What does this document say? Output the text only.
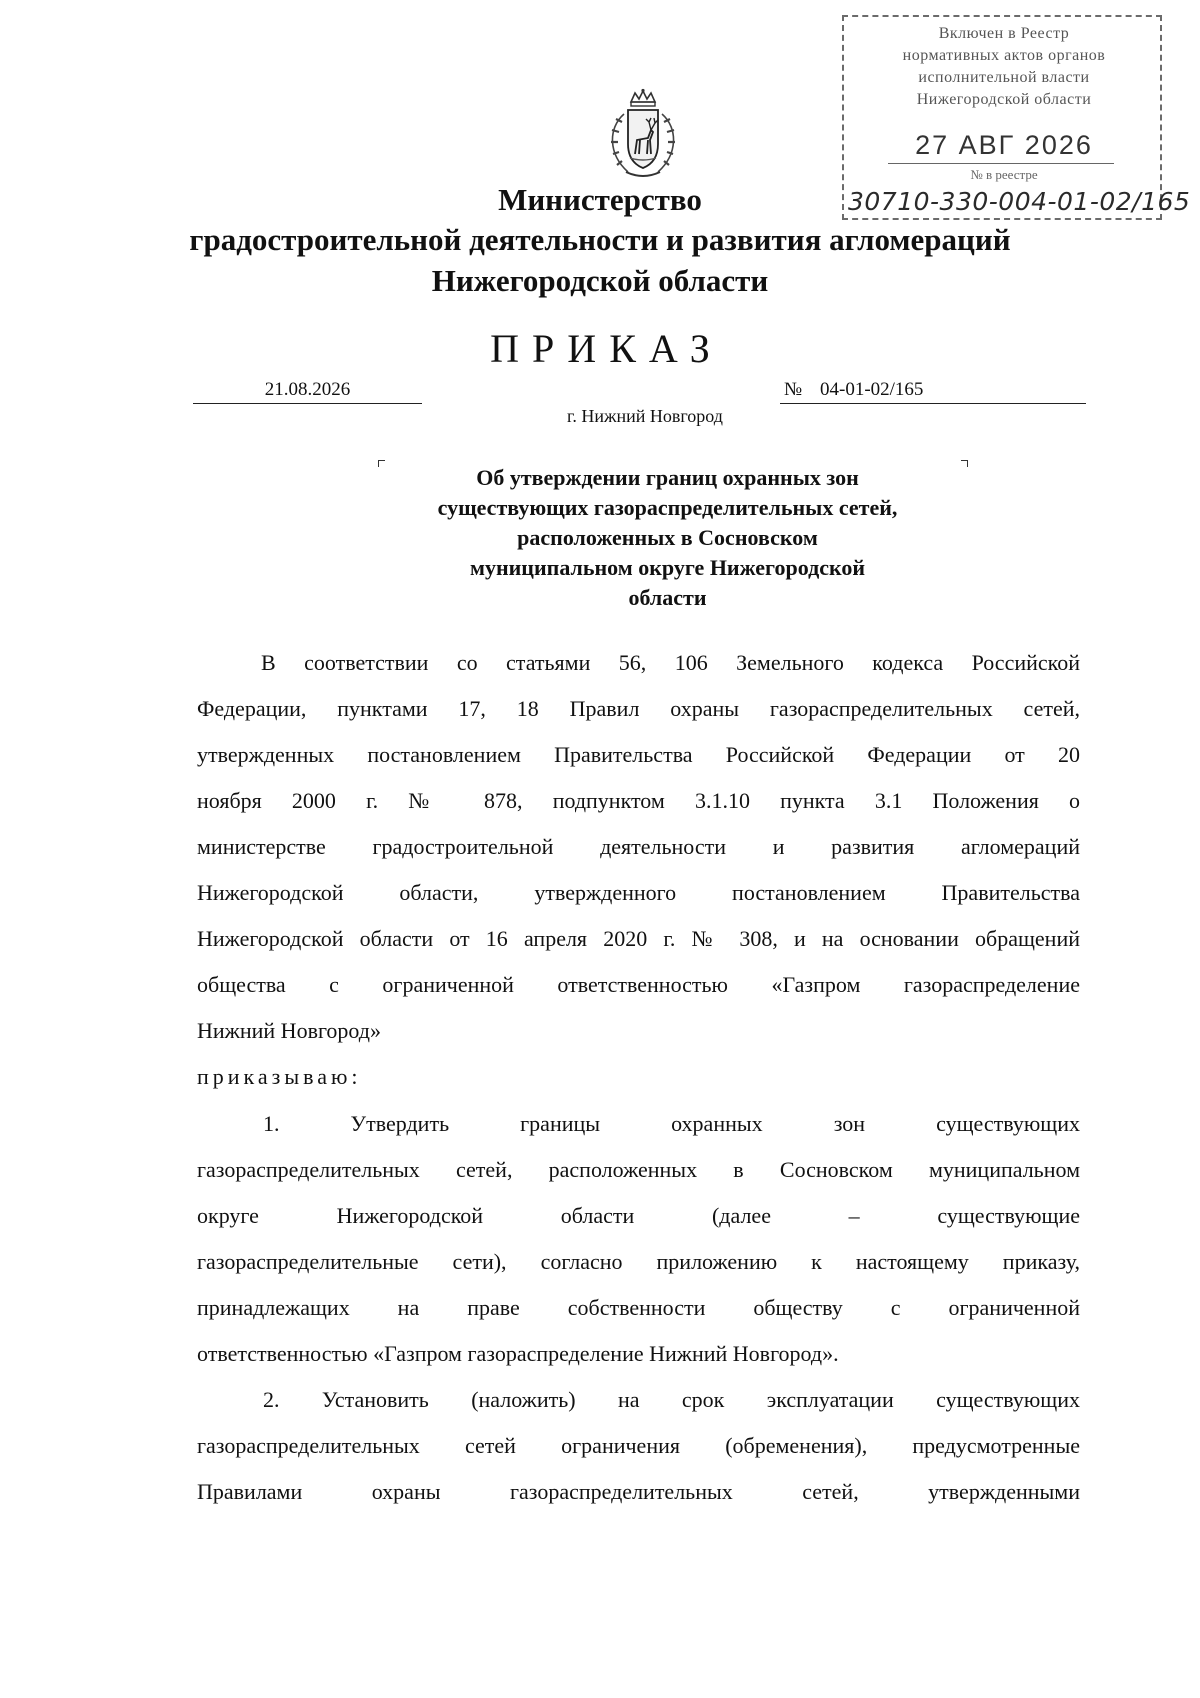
Включен в Реестр
нормативных актов органов
исполнительной власти
Нижегородской области
27 АВГ 2026
№ в реестре
30710-330-004-01-02/165
Министерство
градостроительной деятельности и развития агломераций
Нижегородской области
ПРИКАЗ
21.08.2026	№ 04-01-02/165
г. Нижний Новгород
Об утверждении границ охранных зон
существующих газораспределительных сетей,
расположенных в Сосновском
муниципальном округе Нижегородской
области
В соответствии со статьями 56, 106 Земельного кодекса Российской
Федерации, пунктами 17, 18 Правил охраны газораспределительных сетей,
утвержденных постановлением Правительства Российской Федерации от 20
ноября 2000 г. № 878, подпунктом 3.1.10 пункта 3.1 Положения о
министерстве градостроительной деятельности и развития агломераций
Нижегородской области, утвержденного постановлением Правительства
Нижегородской области от 16 апреля 2020 г. № 308, и на основании обращений
общества с ограниченной ответственностью «Газпром газораспределение
Нижний Новгород»
приказываю:
1. Утвердить границы охранных зон существующих
газораспределительных сетей, расположенных в Сосновском муниципальном
округе Нижегородской области (далее – существующие
газораспределительные сети), согласно приложению к настоящему приказу,
принадлежащих на праве собственности обществу с ограниченной
ответственностью «Газпром газораспределение Нижний Новгород».
2. Установить (наложить) на срок эксплуатации существующих
газораспределительных сетей ограничения (обременения), предусмотренные
Правилами охраны газораспределительных сетей, утвержденными
